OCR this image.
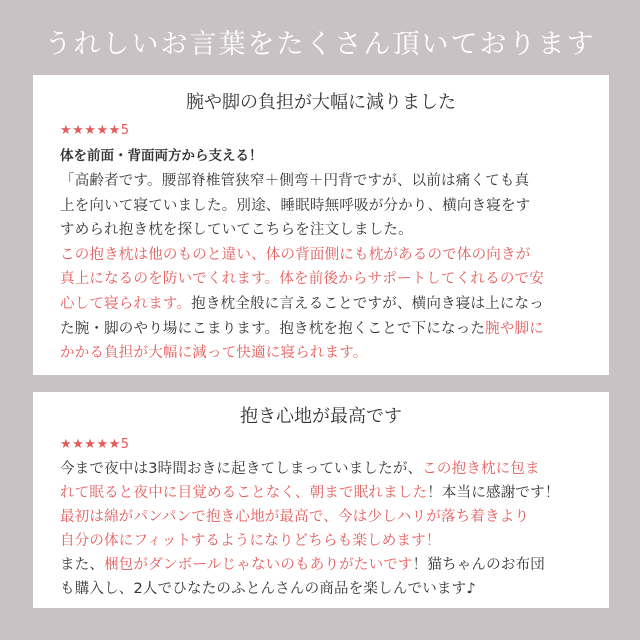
うれしいお言葉をたくさん頂いております
腕や脚の負担が大幅に減りました
★★★★★5
体を前面・背面両方から支える！
「高齢者です。腰部脊椎管狭窄＋側弯＋円背ですが、以前は痛くても真
上を向いて寝ていました。別途、睡眠時無呼吸が分かり、横向き寝をす
すめられ抱き枕を探していてこちらを注文しました。
この抱き枕は他のものと違い、体の背面側にも枕があるので体の向きが
真上になるのを防いでくれます。体を前後からサポートしてくれるので安
心して寝られます。抱き枕全般に言えることですが、横向き寝は上になっ
た腕・脚のやり場にこまります。抱き枕を抱くことで下になった腕や脚に
かかる負担が大幅に減って快適に寝られます。
抱き心地が最高です
★★★★★5
今まで夜中は3時間おきに起きてしまっていましたが、この抱き枕に包ま
れて眠ると夜中に目覚めることなく、朝まで眠れました！本当に感謝です！
最初は綿がパンパンで抱き心地が最高で、今は少しハリが落ち着きより
自分の体にフィットするようになりどちらも楽しめます！
また、梱包がダンボールじゃないのもありがたいです！猫ちゃんのお布団
も購入し、2人でひなたのふとんさんの商品を楽しんでいます♪
